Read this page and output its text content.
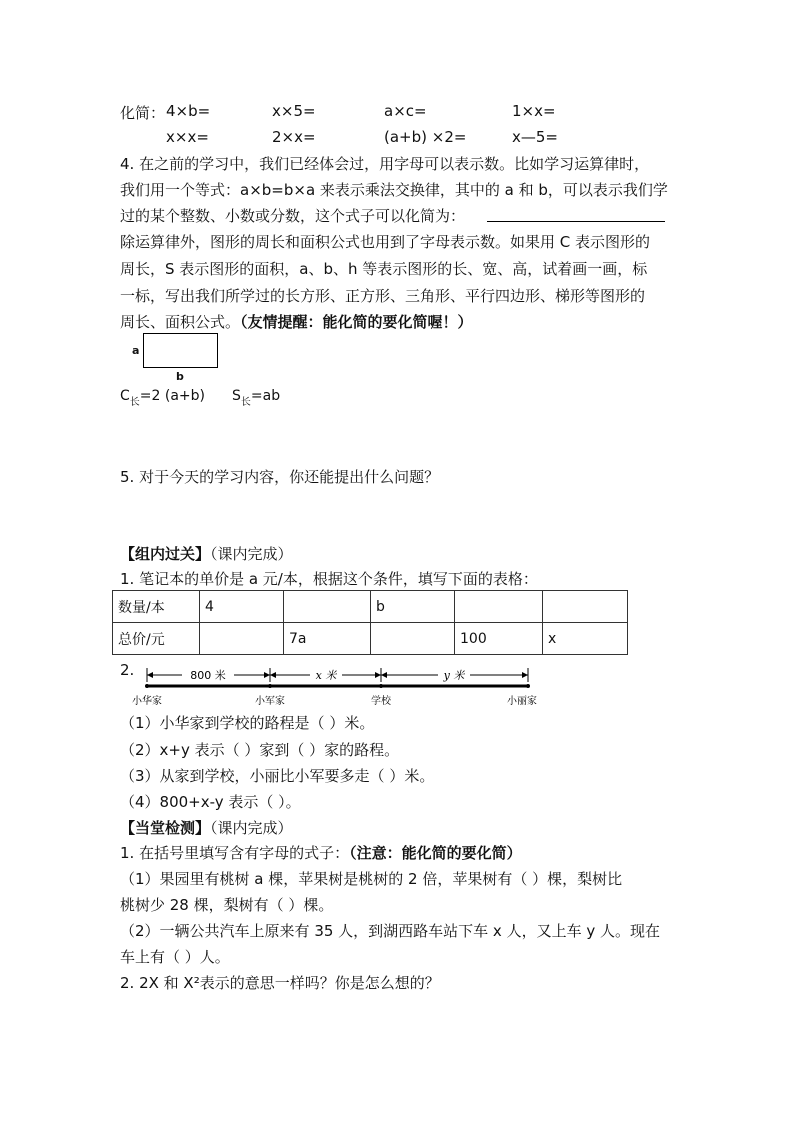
化简： 4×b=	x×5=	a×c=	1×x=
x×x=	2×x=	(a+b) ×2=	x—5=
4. 在之前的学习中，我们已经体会过，用字母可以表示数。比如学习运算律时，
我们用一个等式：a×b=b×a 来表示乘法交换律，其中的 a 和 b，可以表示我们学
过的某个整数、小数或分数，这个式子可以化简为：
除运算律外，图形的周长和面积公式也用到了字母表示数。如果用 C 表示图形的
周长，S 表示图形的面积，a、b、h 等表示图形的长、宽、高，试着画一画，标
一标，写出我们所学过的长方形、正方形、三角形、平行四边形、梯形等图形的
周长、面积公式。（友情提醒：能化简的要化简喔！）
a
b
$C_长=2$ (a+b) $S_长=ab$
5. 对于今天的学习内容，你还能提出什么问题？
【组内过关】（课内完成）
1. 笔记本的单价是 a 元/本，根据这个条件，填写下面的表格：
数量/本	4		b		
总价/元		7a		100	x
2.	800 米	x 米	y 米
小华家	小军家	学校	小丽家
（1）小华家到学校的路程是（ ）米。
（2）x+y 表示（ ）家到（ ）家的路程。
（3）从家到学校，小丽比小军要多走（ ）米。
（4）800+x-y 表示（ ）。
【当堂检测】（课内完成）
1. 在括号里填写含有字母的式子：（注意：能化简的要化简）
（1）果园里有桃树 a 棵，苹果树是桃树的 2 倍，苹果树有（ ）棵，梨树比
桃树少 28 棵，梨树有（ ）棵。
（2）一辆公共汽车上原来有 35 人，到湖西路车站下车 x 人，又上车 y 人。现在
车上有（ ）人。
2. 2X 和 X²表示的意思一样吗？你是怎么想的？
